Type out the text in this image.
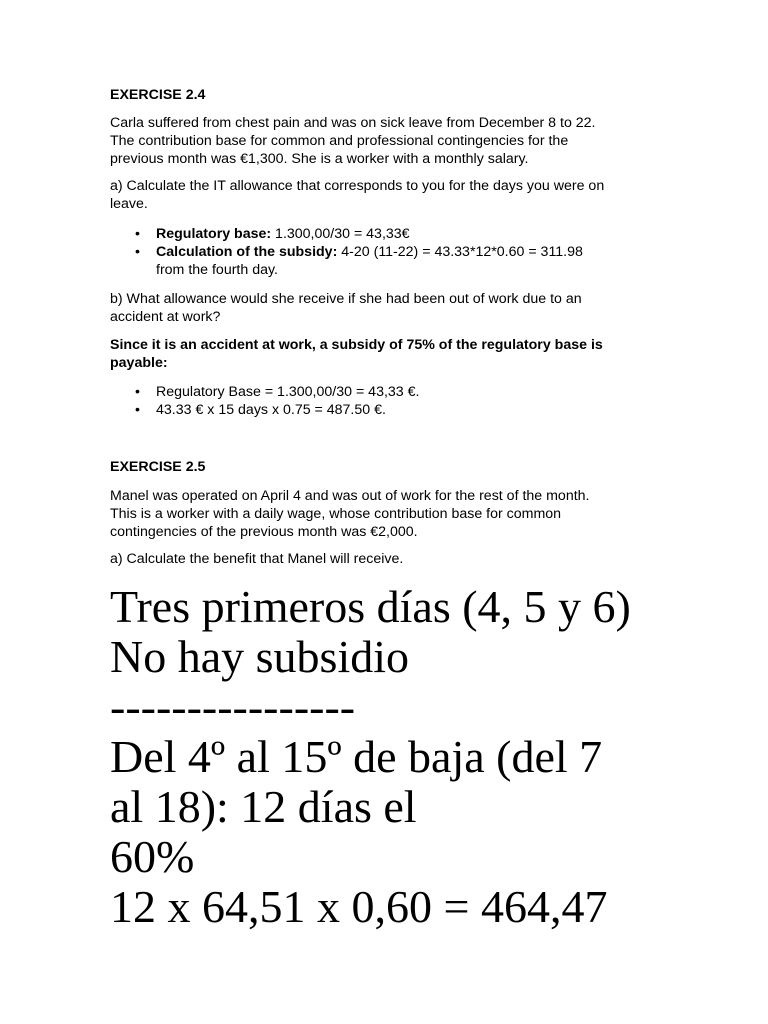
EXERCISE 2.4

Carla suffered from chest pain and was on sick leave from December 8 to 22.

The contribution base for common and professional contingencies for the

previous month was €1,300. She is a worker with a monthly salary.

a) Calculate the IT allowance that corresponds to you for the days you were on

leave.

• Regulatory base: 1.300,00/30 = 43,33€
• Calculation of the subsidy: 4-20 (11-22) = 43.33*12*0.60 = 311.98
from the fourth day.

b) What allowance would she receive if she had been out of work due to an

accident at work?

Since it is an accident at work, a subsidy of 75% of the regulatory base is

payable:

• Regulatory Base = 1.300,00/30 = 43,33 €.
• 43.33 € x 15 days x 0.75 = 487.50 €.

EXERCISE 2.5

Manel was operated on April 4 and was out of work for the rest of the month.

This is a worker with a daily wage, whose contribution base for common

contingencies of the previous month was €2,000.

a) Calculate the benefit that Manel will receive.

Tres primeros días (4, 5 y 6)

No hay subsidio

----------------

Del 4º al 15º de baja (del 7

al 18): 12 días el

60%

12 x 64,51 x 0,60 = 464,47
